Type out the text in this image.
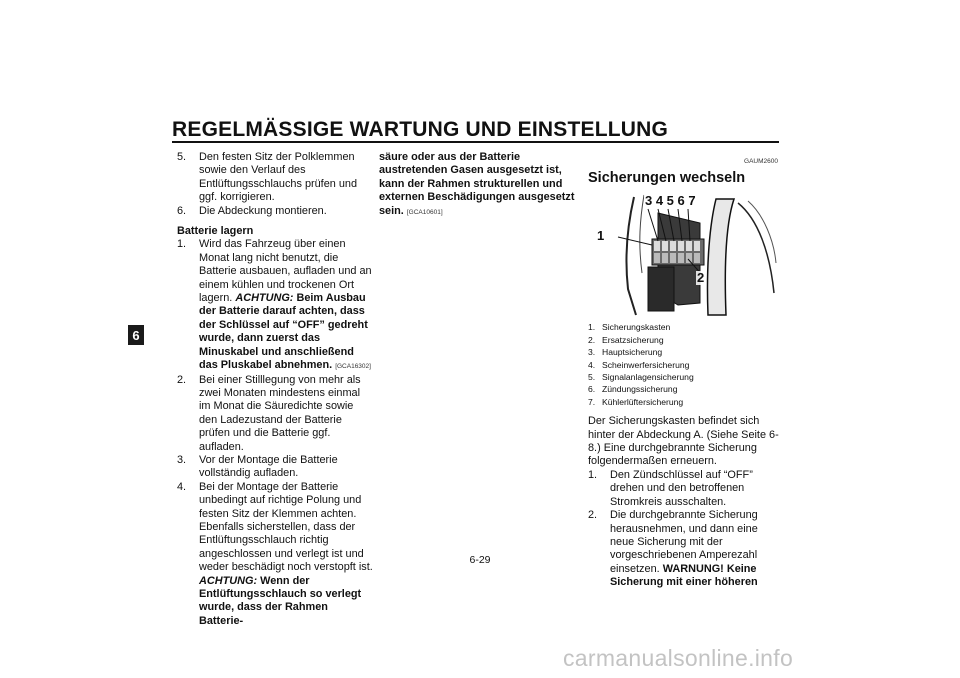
REGELMÄSSIGE WARTUNG UND EINSTELLUNG
6
5.	Den festen Sitz der Polklemmen sowie den Verlauf des Entlüftungsschlauchs prüfen und ggf. korrigieren.
6.	Die Abdeckung montieren.
Batterie lagern
1.	Wird das Fahrzeug über einen Monat lang nicht benutzt, die Batterie ausbauen, aufladen und an einem kühlen und trockenen Ort lagern. ACHTUNG: Beim Ausbau der Batterie darauf achten, dass der Schlüssel auf “OFF” gedreht wurde, dann zuerst das Minuskabel und anschließend das Pluskabel abnehmen. [GCA16302]
2.	Bei einer Stilllegung von mehr als zwei Monaten mindestens einmal im Monat die Säuredichte sowie den Ladezustand der Batterie prüfen und die Batterie ggf. aufladen.
3.	Vor der Montage die Batterie vollständig aufladen.
4.	Bei der Montage der Batterie unbedingt auf richtige Polung und festen Sitz der Klemmen achten. Ebenfalls sicherstellen, dass der Entlüftungsschlauch richtig angeschlossen und verlegt ist und weder beschädigt noch verstopft ist. ACHTUNG: Wenn der Entlüftungsschlauch so verlegt wurde, dass der Rahmen Batterie-
säure oder aus der Batterie austretenden Gasen ausgesetzt ist, kann der Rahmen strukturellen und externen Beschädigungen ausgesetzt sein. [GCA10601]
GAUM2600
Sicherungen wechseln
3 4 5 6 7
1
2
1. Sicherungskasten
2. Ersatzsicherung
3. Hauptsicherung
4. Scheinwerfersicherung
5. Signalanlagensicherung
6. Zündungssicherung
7. Kühlerlüftersicherung
Der Sicherungskasten befindet sich hinter der Abdeckung A. (Siehe Seite 6-8.) Eine durchgebrannte Sicherung folgendermaßen erneuern.
1.	Den Zündschlüssel auf “OFF” drehen und den betroffenen Stromkreis ausschalten.
2.	Die durchgebrannte Sicherung herausnehmen, und dann eine neue Sicherung mit der vorgeschriebenen Amperezahl einsetzen. WARNUNG! Keine Sicherung mit einer höheren
6-29
carmanualsonline.info
